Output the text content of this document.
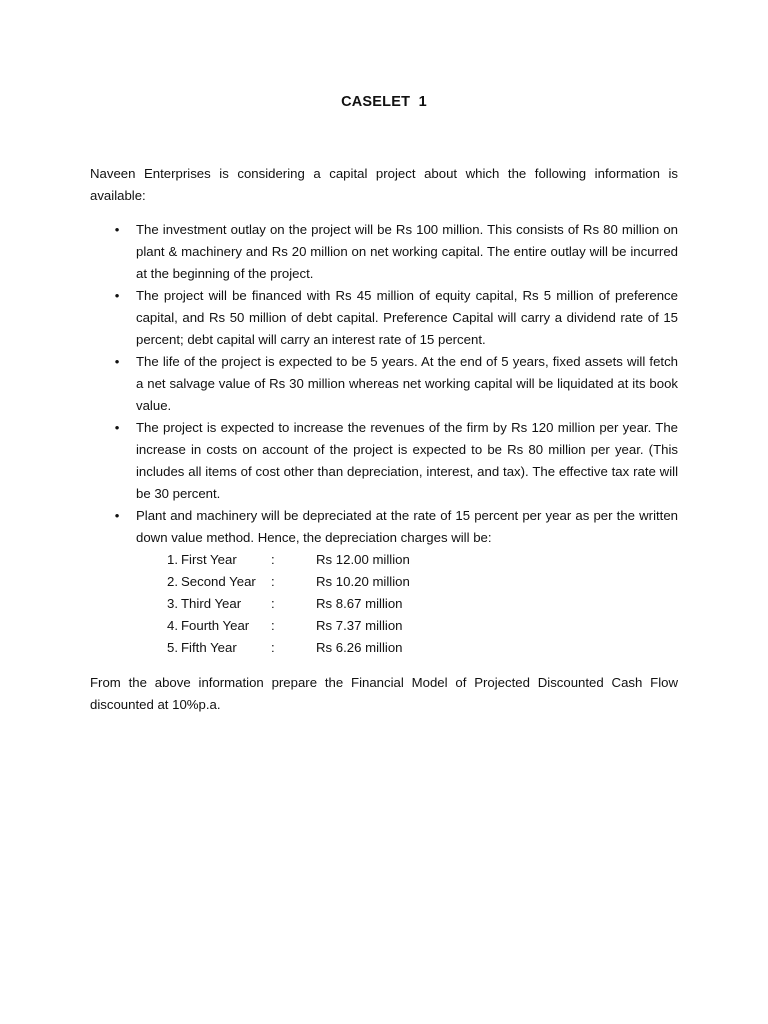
CASELET  1

Naveen Enterprises is considering a capital project about which the following information is available:

• The investment outlay on the project will be Rs 100 million. This consists of Rs 80 million on plant & machinery and Rs 20 million on net working capital. The entire outlay will be incurred at the beginning of the project.
• The project will be financed with Rs 45 million of equity capital, Rs 5 million of preference capital, and Rs 50 million of debt capital. Preference Capital will carry a dividend rate of 15 percent; debt capital will carry an interest rate of 15 percent.
• The life of the project is expected to be 5 years. At the end of 5 years, fixed assets will fetch a net salvage value of Rs 30 million whereas net working capital will be liquidated at its book value.
• The project is expected to increase the revenues of the firm by Rs 120 million per year. The increase in costs on account of the project is expected to be Rs 80 million per year. (This includes all items of cost other than depreciation, interest, and tax). The effective tax rate will be 30 percent.
• Plant and machinery will be depreciated at the rate of 15 percent per year as per the written down value method. Hence, the depreciation charges will be:
1. First Year	:	Rs 12.00 million
2. Second Year :	Rs 10.20 million
3. Third Year :	Rs 8.67 million
4. Fourth Year :	Rs 7.37 million
5. Fifth Year	:	Rs 6.26 million

From the above information prepare the Financial Model of Projected Discounted Cash Flow discounted at 10%p.a.
